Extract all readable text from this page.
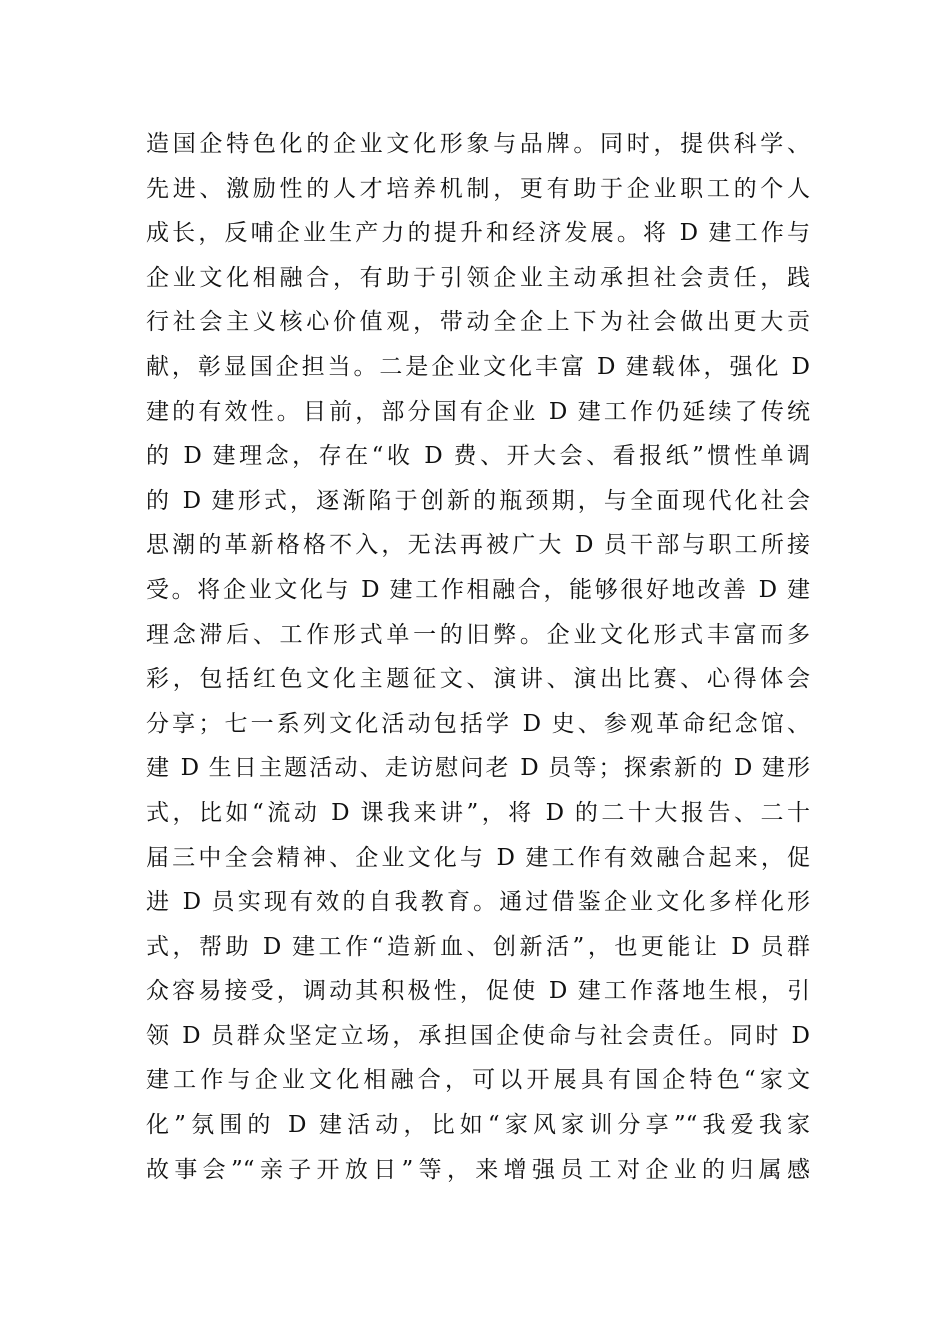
造国企特色化的企业文化形象与品牌。同时，提供科学、
先进、激励性的人才培养机制，更有助于企业职工的个人
成长，反哺企业生产力的提升和经济发展。将 D 建工作与
企业文化相融合，有助于引领企业主动承担社会责任，践
行社会主义核心价值观，带动全企上下为社会做出更大贡
献，彰显国企担当。二是企业文化丰富 D 建载体，强化 D
建的有效性。目前，部分国有企业 D 建工作仍延续了传统
的 D 建理念，存在“收 D 费、开大会、看报纸”惯性单调
的 D 建形式，逐渐陷于创新的瓶颈期，与全面现代化社会
思潮的革新格格不入，无法再被广大 D 员干部与职工所接
受。将企业文化与 D 建工作相融合，能够很好地改善 D 建
理念滞后、工作形式单一的旧弊。企业文化形式丰富而多
彩，包括红色文化主题征文、演讲、演出比赛、心得体会
分享；七一系列文化活动包括学 D 史、参观革命纪念馆、
建 D 生日主题活动、走访慰问老 D 员等；探索新的 D 建形
式，比如“流动 D 课我来讲”，将 D 的二十大报告、二十
届三中全会精神、企业文化与 D 建工作有效融合起来，促
进 D 员实现有效的自我教育。通过借鉴企业文化多样化形
式，帮助 D 建工作“造新血、创新活”，也更能让 D 员群
众容易接受，调动其积极性，促使 D 建工作落地生根，引
领 D 员群众坚定立场，承担国企使命与社会责任。同时 D
建工作与企业文化相融合，可以开展具有国企特色“家文
化”氛围的 D 建活动，比如“家风家训分享”“我爱我家
故事会”“亲子开放日”等，来增强员工对企业的归属感
